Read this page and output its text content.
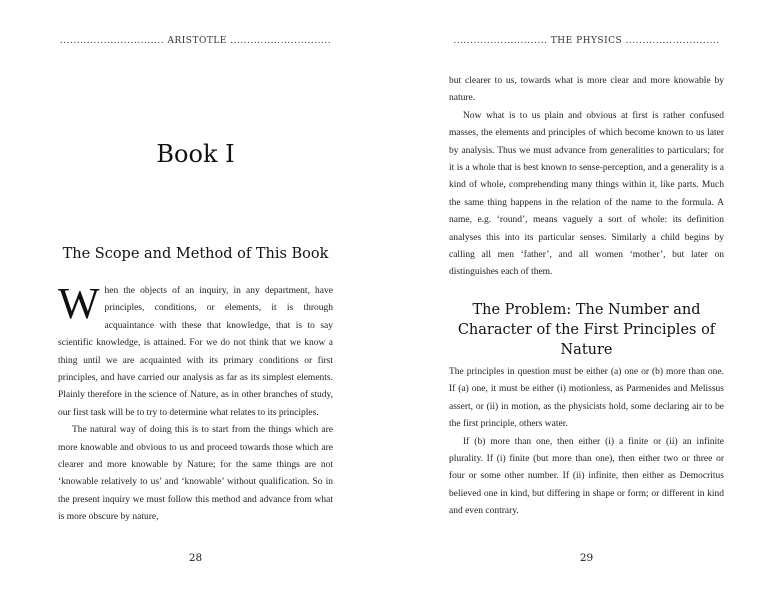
............................... ARISTOTLE ..............................
Book I
The Scope and Method of This Book

When the objects of an inquiry, in any department, have principles, conditions, or elements, it is through acquaintance with these that knowledge, that is to say scientific knowledge, is attained. For we do not think that we know a thing until we are acquainted with its primary conditions or first principles, and have carried our analysis as far as its simplest elements. Plainly therefore in the science of Nature, as in other branches of study, our first task will be to try to determine what relates to its principles.

The natural way of doing this is to start from the things which are more knowable and obvious to us and proceed towards those which are clearer and more knowable by Nature; for the same things are not ‘knowable relatively to us’ and ‘knowable’ without qualification. So in the present inquiry we must follow this method and advance from what is more obscure by nature,

28
............................ THE PHYSICS ............................

but clearer to us, towards what is more clear and more knowable by nature.

Now what is to us plain and obvious at first is rather confused masses, the elements and principles of which become known to us later by analysis. Thus we must advance from generalities to particulars; for it is a whole that is best known to sense-perception, and a generality is a kind of whole, comprehending many things within it, like parts. Much the same thing happens in the relation of the name to the formula. A name, e.g. ‘round’, means vaguely a sort of whole: its definition analyses this into its particular senses. Similarly a child begins by calling all men ‘father’, and all women ‘mother’, but later on distinguishes each of them.

The Problem: The Number and Character of the First Principles of Nature

The principles in question must be either (a) one or (b) more than one. If (a) one, it must be either (i) motionless, as Parmenides and Melissus assert, or (ii) in motion, as the physicists hold, some declaring air to be the first principle, others water.

If (b) more than one, then either (i) a finite or (ii) an infinite plurality. If (i) finite (but more than one), then either two or three or four or some other number. If (ii) infinite, then either as Democritus believed one in kind, but differing in shape or form; or different in kind and even contrary.

29
